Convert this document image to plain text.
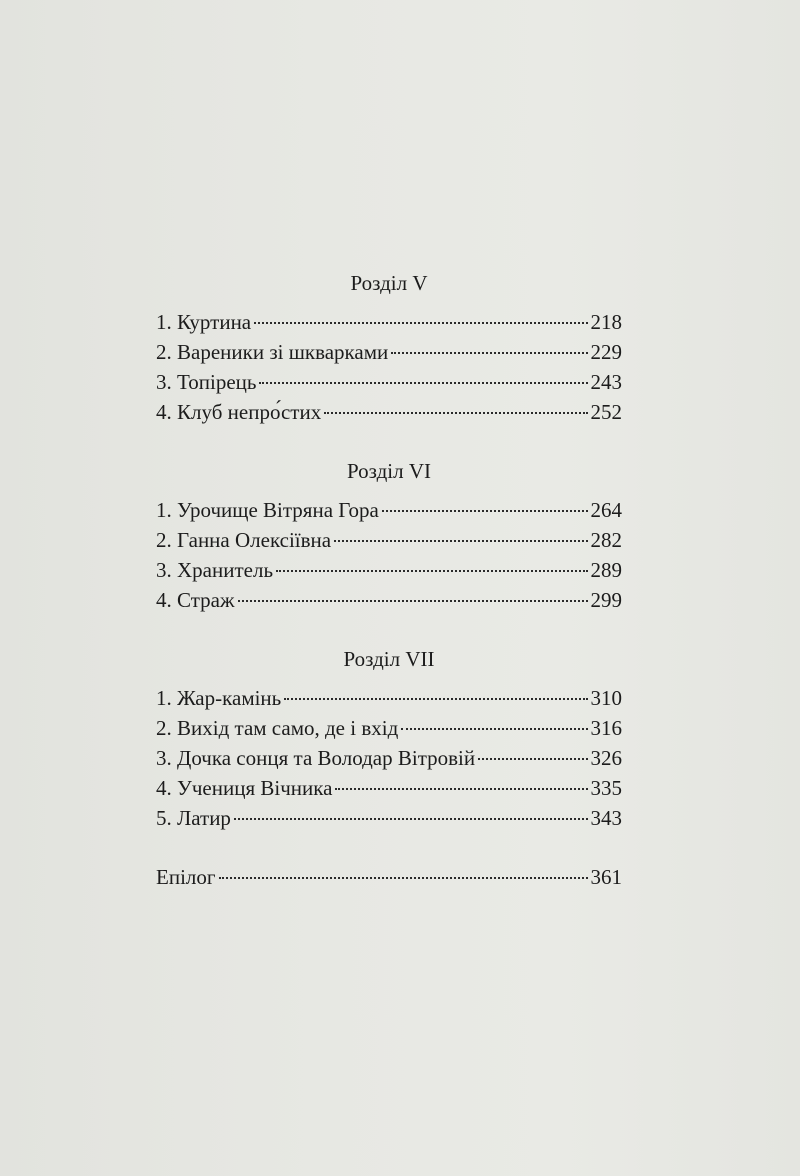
Розділ V
1. Куртина	218
2. Вареники зі шкварками	229
3. Топірець	243
4. Клуб непро́стих	252
Розділ VI
1. Урочище Вітряна Гора	264
2. Ганна Олексіївна	282
3. Хранитель	289
4. Страж	299
Розділ VII
1. Жар-камінь	310
2. Вихід там само, де і вхід	316
3. Дочка сонця та Володар Вітровій	326
4. Учениця Вічника	335
5. Латир	343
Епілог	361
